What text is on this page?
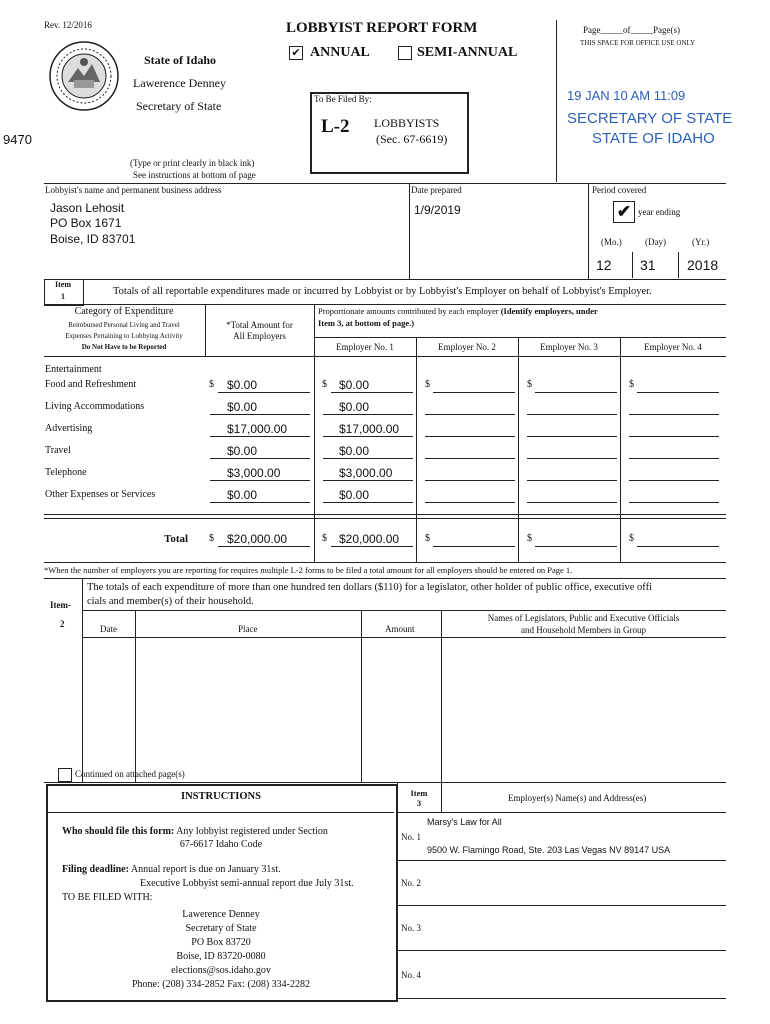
Rev. 12/2016	LOBBYIST REPORT FORM
✔ ANNUAL	SEMI-ANNUAL
Page_____of_____Page(s)
THIS SPACE FOR OFFICE USE ONLY
State of Idaho
Lawerence Denney
Secretary of State	To Be Filed By:
L-2 LOBBYISTS
(Sec. 67-6619)
9470
(Type or print clearly in black ink)
See instructions at bottom of page
19 JAN 10 AM 11:09
SECRETARY OF STATE
STATE OF IDAHO
Lobbyist's name and permanent business address
Jason Lehosit
PO Box 1671
Boise, ID 83701
Date prepared
1/9/2019
Period covered
✔ year ending
(Mo.)	(Day)	(Yr.)
12 31 2018
Item
1	Totals of all reportable expenditures made or incurred by Lobbyist or by Lobbyist's Employer on behalf of Lobbyist's Employer.
Category of Expenditure
Reimbursed Personal Living and Travel
Expenses Pertaining to Lobbying Activity
Do Not Have to be Reported
*Total Amount for
All Employers
Proportionate amounts contributed by each employer (Identify employers, under
Item 3, at bottom of page.)
Employer No. 1	Employer No. 2	Employer No. 3	Employer No. 4
Entertainment
Food and Refreshment	$ $0.00	$ $0.00	$	$	$
Living Accommodations	$0.00	$0.00
Advertising	$17,000.00	$17,000.00
Travel	$0.00	$0.00
Telephone	$3,000.00	$3,000.00
Other Expenses or Services	$0.00	$0.00
Total $ $20,000.00	$ $20,000.00	$	$	$
*When the number of employers you are reporting for requires multiple L-2 forms to be filed a total amount for all employers should be entered on Page 1.
Item-
2
The totals of each expenditure of more than one hundred ten dollars ($110) for a legislator, other holder of public office, executive offi
cials and member(s) of their household.
Date	Place	Amount
Names of Legislators, Public and Executive Officials
and Household Members in Group
Continued on attached page(s)
INSTRUCTIONS
Who should file this form: Any lobbyist registered under Section
67-6617 Idaho Code
Filing deadline: Annual report is due on January 31st.
Executive Lobbyist semi-annual report due July 31st.
TO BE FILED WITH:
Lawerence Denney
Secretary of State
PO Box 83720
Boise, ID 83720-0080
elections@sos.idaho.gov
Phone: (208) 334-2852 Fax: (208) 334-2282
Item
3	Employer(s) Name(s) and Address(es)
No. 1
Marsy's Law for All
9500 W. Flamingo Road, Ste. 203 Las Vegas NV 89147 USA
No. 2
No. 3
No. 4
